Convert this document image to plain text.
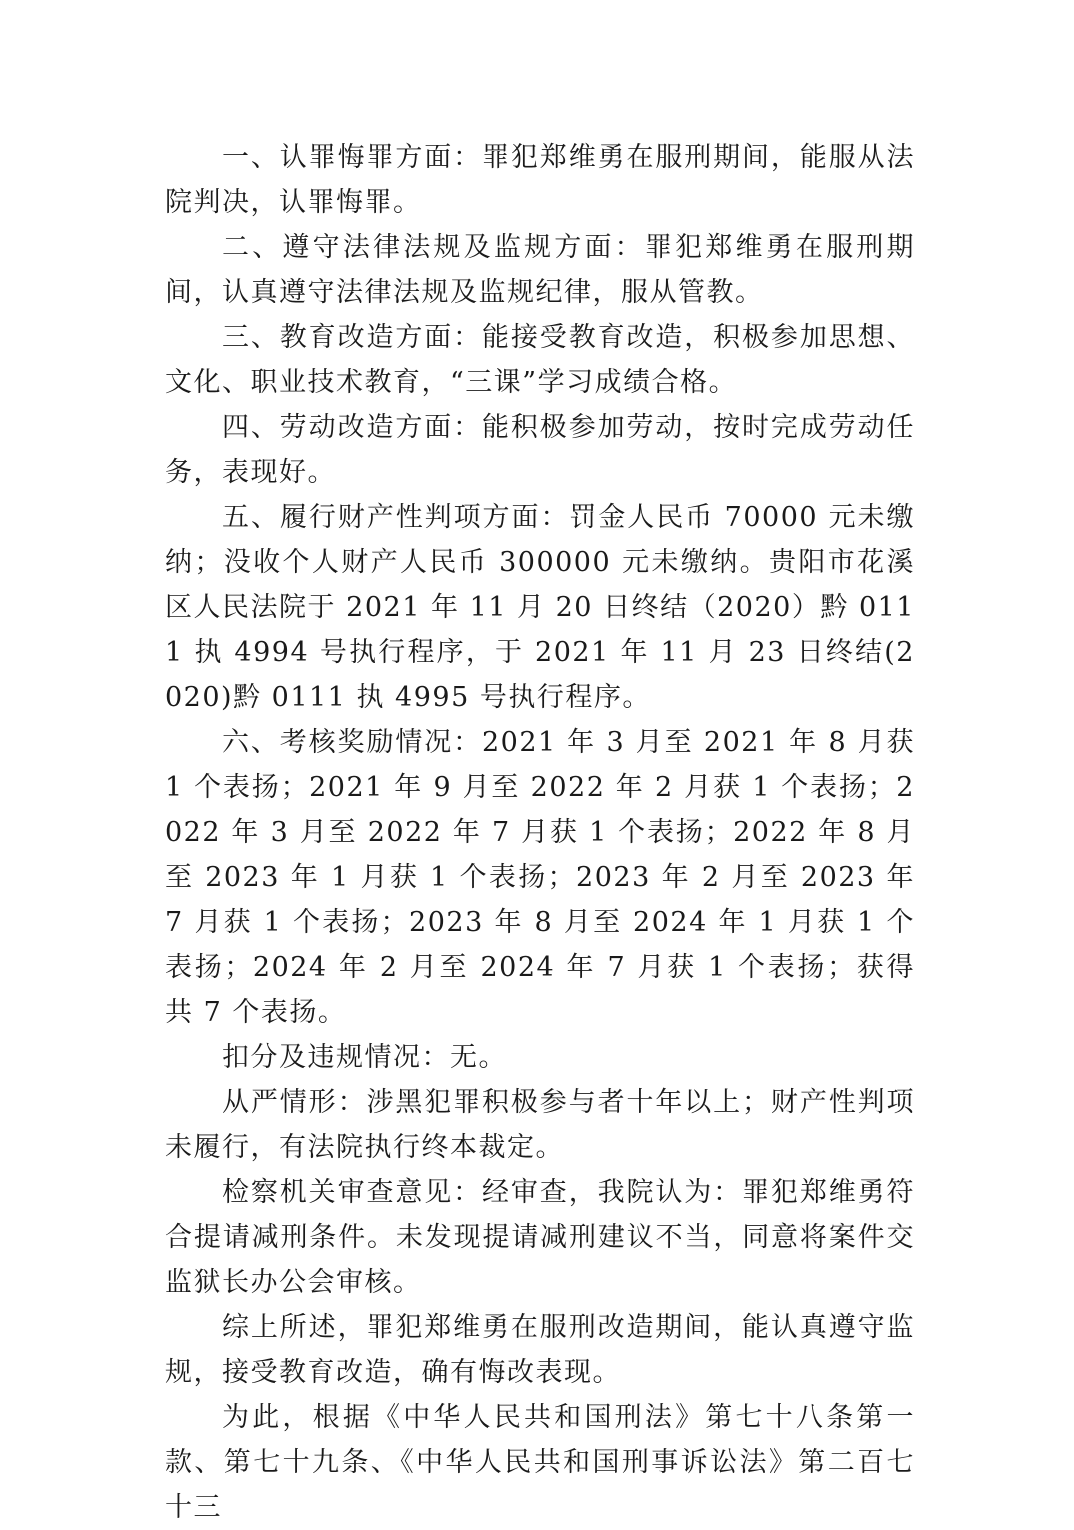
一、认罪悔罪方面：罪犯郑维勇在服刑期间，能服从法院判决，认罪悔罪。

二、遵守法律法规及监规方面：罪犯郑维勇在服刑期间，认真遵守法律法规及监规纪律，服从管教。

三、教育改造方面：能接受教育改造，积极参加思想、文化、职业技术教育，“三课”学习成绩合格。

四、劳动改造方面：能积极参加劳动，按时完成劳动任务，表现好。

五、履行财产性判项方面：罚金人民币 70000 元未缴纳；没收个人财产人民币 300000 元未缴纳。贵阳市花溪区人民法院于 2021 年 11 月 20 日终结（2020）黔 0111 执 4994 号执行程序，于 2021 年 11 月 23 日终结(2020)黔 0111 执 4995 号执行程序。

六、考核奖励情况：2021 年 3 月至 2021 年 8 月获 1 个表扬；2021 年 9 月至 2022 年 2 月获 1 个表扬；2022 年 3 月至 2022 年 7 月获 1 个表扬；2022 年 8 月至 2023 年 1 月获 1 个表扬；2023 年 2 月至 2023 年 7 月获 1 个表扬；2023 年 8 月至 2024 年 1 月获 1 个表扬；2024 年 2 月至 2024 年 7 月获 1 个表扬；获得共 7 个表扬。

扣分及违规情况：无。

从严情形：涉黑犯罪积极参与者十年以上；财产性判项未履行，有法院执行终本裁定。

检察机关审查意见：经审查，我院认为：罪犯郑维勇符合提请减刑条件。未发现提请减刑建议不当，同意将案件交监狱长办公会审核。

综上所述，罪犯郑维勇在服刑改造期间，能认真遵守监规，接受教育改造，确有悔改表现。

为此，根据《中华人民共和国刑法》第七十八条第一款、第七十九条、《中华人民共和国刑事诉讼法》第二百七十三
